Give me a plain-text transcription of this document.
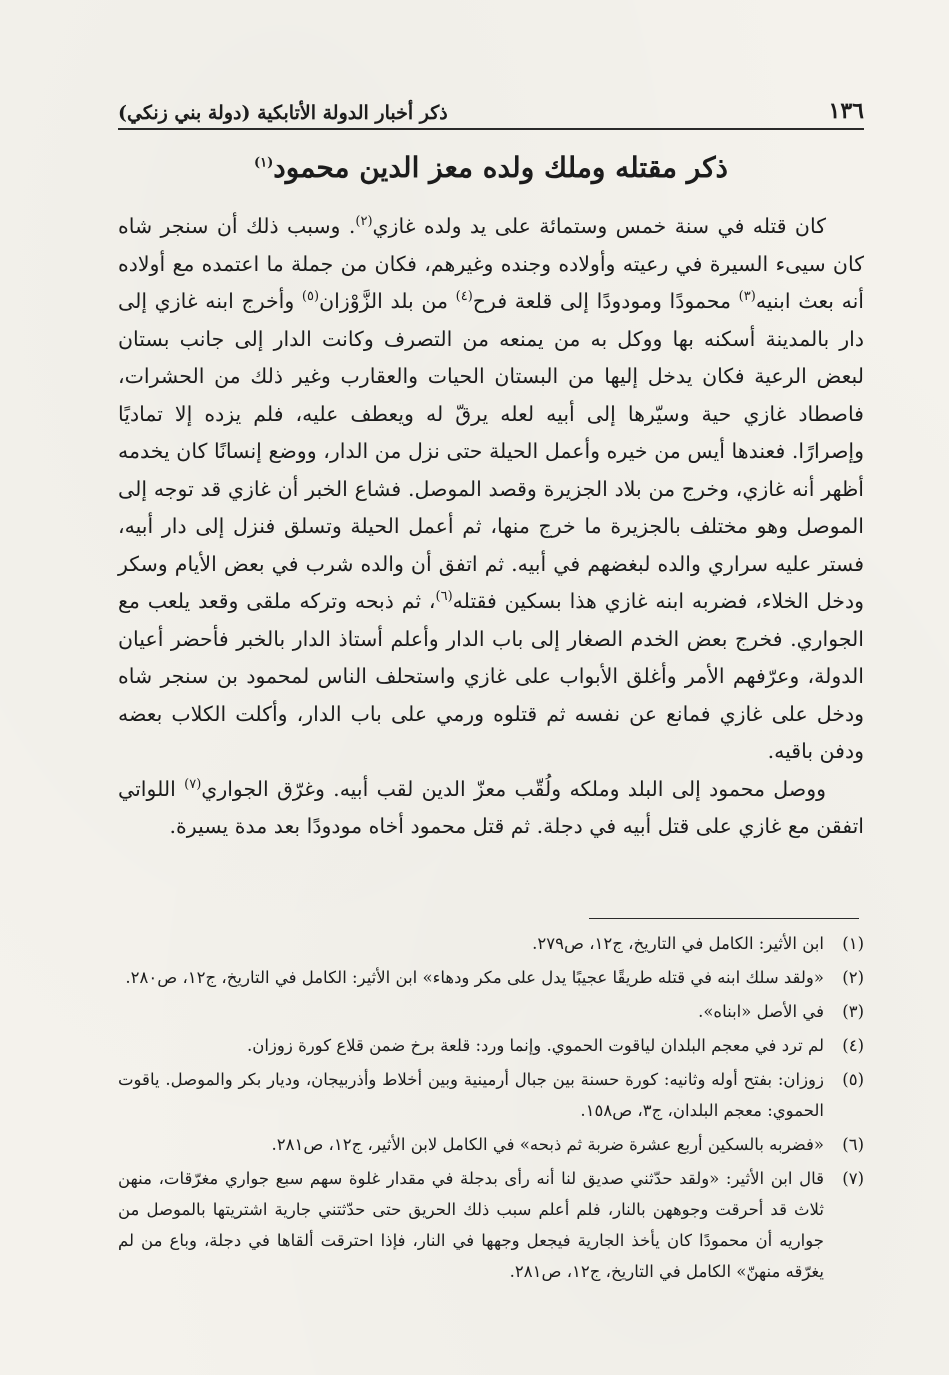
١٣٦
ذكر أخبار الدولة الأتابكية (دولة بني زنكي)
ذكر مقتله وملك ولده معز الدين محمود$^{(١)}$

كان قتله في سنة خمس وستمائة على يد ولده غازي$^{(٢)}$. وسبب ذلك أن سنجر شاه كان سيىء السيرة في رعيته وأولاده وجنده وغيرهم، فكان من جملة ما اعتمده مع أولاده أنه بعث ابنيه$^{(٣)}$ محمودًا ومودودًا إلى قلعة فرح$^{(٤)}$ من بلد الزَّوْزان$^{(٥)}$ وأخرج ابنه غازي إلى دار بالمدينة أسكنه بها ووكل به من يمنعه من التصرف وكانت الدار إلى جانب بستان لبعض الرعية فكان يدخل إليها من البستان الحيات والعقارب وغير ذلك من الحشرات، فاصطاد غازي حية وسيّرها إلى أبيه لعله يرقّ له ويعطف عليه، فلم يزده إلا تماديًا وإصرارًا. فعندها أيس من خيره وأعمل الحيلة حتى نزل من الدار، ووضع إنسانًا كان يخدمه أظهر أنه غازي، وخرج من بلاد الجزيرة وقصد الموصل. فشاع الخبر أن غازي قد توجه إلى الموصل وهو مختلف بالجزيرة ما خرج منها، ثم أعمل الحيلة وتسلق فنزل إلى دار أبيه، فستر عليه سراري والده لبغضهم في أبيه. ثم اتفق أن والده شرب في بعض الأيام وسكر ودخل الخلاء، فضربه ابنه غازي هذا بسكين فقتله$^{(٦)}$، ثم ذبحه وتركه ملقى وقعد يلعب مع الجواري. فخرج بعض الخدم الصغار إلى باب الدار وأعلم أستاذ الدار بالخبر فأحضر أعيان الدولة، وعرّفهم الأمر وأغلق الأبواب على غازي واستحلف الناس لمحمود بن سنجر شاه ودخل على غازي فمانع عن نفسه ثم قتلوه ورمي على باب الدار، وأكلت الكلاب بعضه ودفن باقيه.

ووصل محمود إلى البلد وملكه ولُقّب معزّ الدين لقب أبيه. وغرّق الجواري$^{(٧)}$ اللواتي اتفقن مع غازي على قتل أبيه في دجلة. ثم قتل محمود أخاه مودودًا بعد مدة يسيرة.

(١)
ابن الأثير: الكامل في التاريخ، ج١٢، ص٢٧٩.
(٢)
«ولقد سلك ابنه في قتله طريقًا عجيبًا يدل على مكر ودهاء» ابن الأثير: الكامل في التاريخ، ج١٢، ص٢٨٠.
(٣)
في الأصل «ابناه».
(٤)
لم ترد في معجم البلدان لياقوت الحموي. وإنما ورد: قلعة برخ ضمن قلاع كورة زوزان.
(٥)
زوزان: بفتح أوله وثانيه: كورة حسنة بين جبال أرمينية وبين أخلاط وأذربيجان، وديار بكر والموصل. ياقوت الحموي: معجم البلدان، ج٣، ص١٥٨.
(٦)
«فضربه بالسكين أربع عشرة ضربة ثم ذبحه» في الكامل لابن الأثير، ج١٢، ص٢٨١.
(٧)
قال ابن الأثير: «ولقد حدّثني صديق لنا أنه رأى بدجلة في مقدار غلوة سهم سبع جواري مغرّقات، منهن ثلاث قد أحرقت وجوههن بالنار، فلم أعلم سبب ذلك الحريق حتى حدّثتني جارية اشتريتها بالموصل من جواريه أن محمودًا كان يأخذ الجارية فيجعل وجهها في النار، فإذا احترقت ألقاها في دجلة، وباع من لم يغرّقه منهنّ» الكامل في التاريخ، ج١٢، ص٢٨١.
